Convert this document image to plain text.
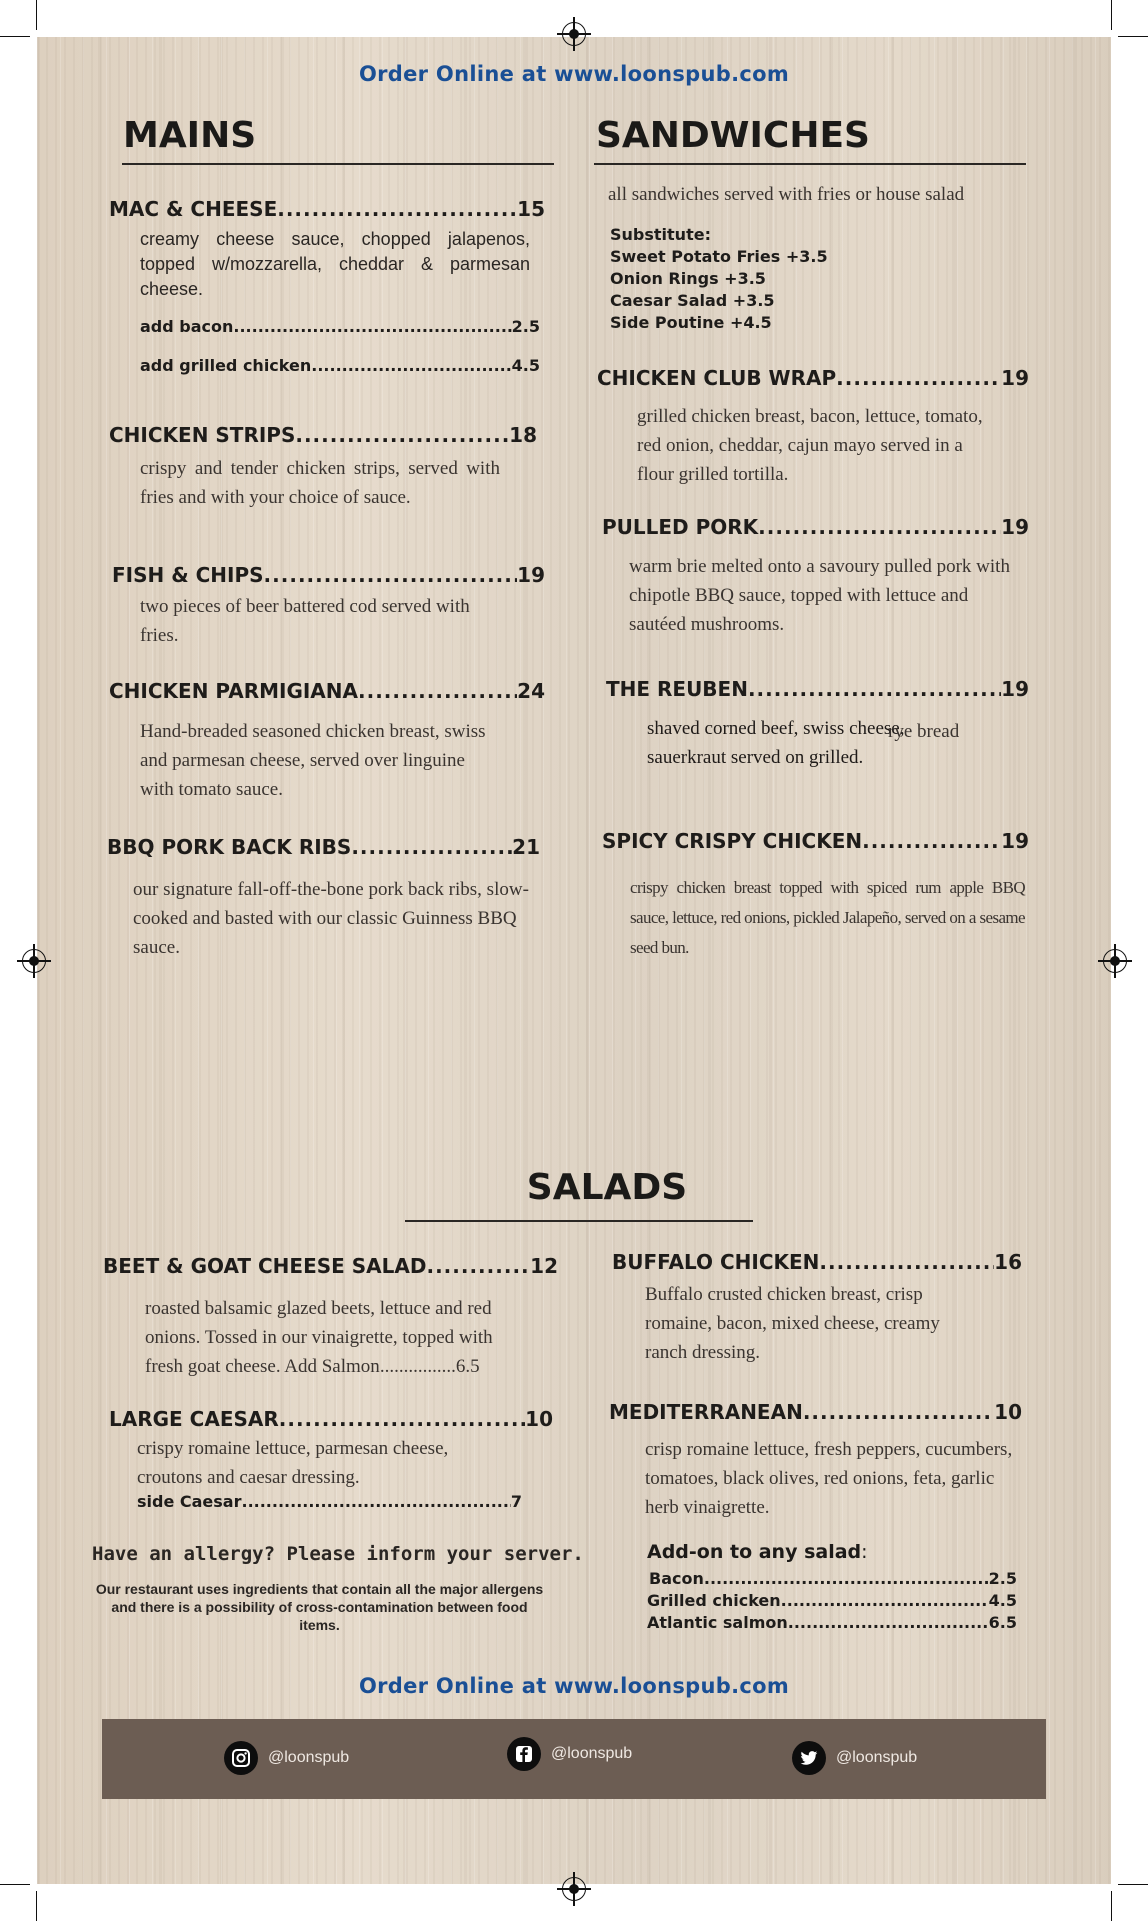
Order Online at www.loonspub.com
MAINS	SANDWICHES
MAC & CHEESE .....	15
creamy cheese sauce, chopped jalapenos, topped w/mozzarella, cheddar & parmesan cheese.
add bacon .....	2.5
add grilled chicken .....	4.5
CHICKEN STRIPS .....	18
crispy and tender chicken strips, served with fries and with your choice of sauce.
FISH & CHIPS .....	19
two pieces of beer battered cod served with fries.
CHICKEN PARMIGIANA .....	24
Hand-breaded seasoned chicken breast, swiss and parmesan cheese, served over linguine with tomato sauce.
BBQ PORK BACK RIBS .....	21
our signature fall-off-the-bone pork back ribs, slow-cooked and basted with our classic Guinness BBQ sauce.
all sandwiches served with fries or house salad
Substitute:
Sweet Potato Fries +3.5
Onion Rings +3.5
Caesar Salad +3.5
Side Poutine +4.5
CHICKEN CLUB WRAP .....	19
grilled chicken breast, bacon, lettuce, tomato, red onion, cheddar, cajun mayo served in a flour grilled tortilla.
PULLED PORK .....	19
warm brie melted onto a savoury pulled pork with chipotle BBQ sauce, topped with lettuce and sautéed mushrooms.
THE REUBEN .....	19
shaved corned beef, swiss cheese, sauerkraut served on grilled.
rye bread
SPICY CRISPY CHICKEN .....	19
crispy chicken breast topped with spiced rum apple BBQ sauce, lettuce, red onions, pickled Jalapeño, served on a sesame seed bun.
SALADS
BEET & GOAT CHEESE SALAD .....	12
roasted balsamic glazed beets, lettuce and red onions. Tossed in our vinaigrette, topped with fresh goat cheese. Add Salmon................6.5
LARGE CAESAR .....	10
crispy romaine lettuce, parmesan cheese, croutons and caesar dressing.
side Caesar .....	7
BUFFALO CHICKEN .....	16
Buffalo crusted chicken breast, crisp romaine, bacon, mixed cheese, creamy ranch dressing.
MEDITERRANEAN .....	10
crisp romaine lettuce, fresh peppers, cucumbers, tomatoes, black olives, red onions, feta, garlic herb vinaigrette.
Add-on to any salad:
Bacon .....	2.5
Grilled chicken .....	4.5
Atlantic salmon .....	6.5
Have an allergy? Please inform your server.
Our restaurant uses ingredients that contain all the major allergens and there is a possibility of cross-contamination between food items.
Order Online at www.loonspub.com
@loonspub	@loonspub	@loonspub
